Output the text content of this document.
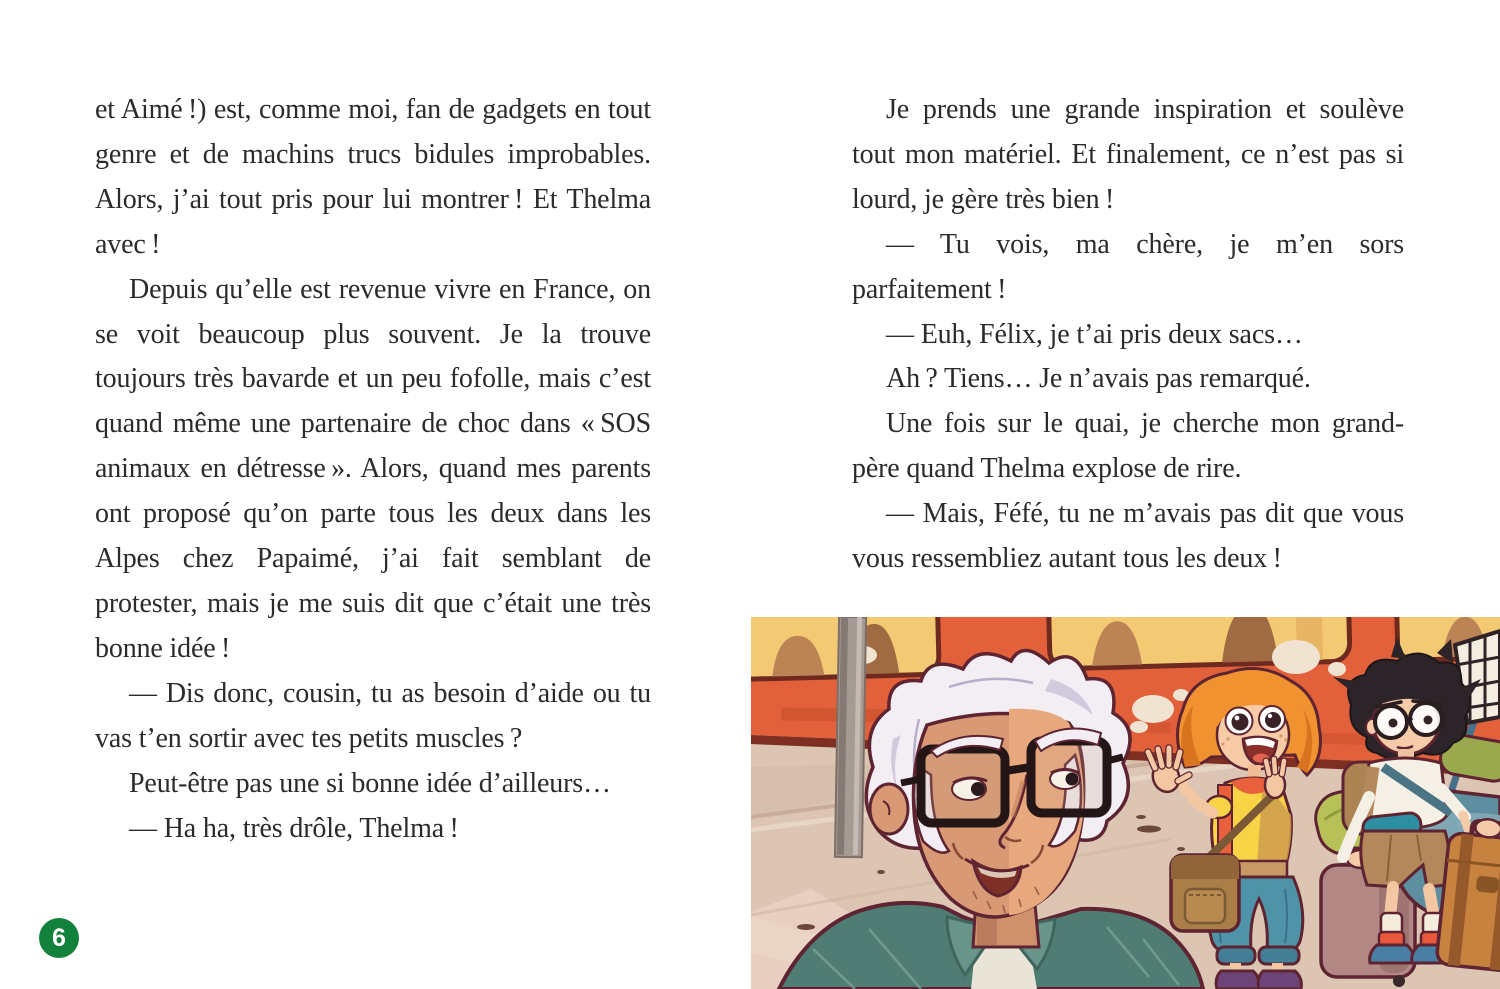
et Aimé !) est, comme moi, fan de gadgets en tout genre et de machins trucs bidules improbables. Alors, j’ai tout pris pour lui montrer ! Et Thelma avec !

Depuis qu’elle est revenue vivre en France, on se voit beaucoup plus souvent. Je la trouve toujours très bavarde et un peu fofolle, mais c’est quand même une partenaire de choc dans « SOS animaux en détresse ». Alors, quand mes parents ont proposé qu’on parte tous les deux dans les Alpes chez Papaimé, j’ai fait semblant de protester, mais je me suis dit que c’était une très bonne idée !

— Dis donc, cousin, tu as besoin d’aide ou tu vas t’en sortir avec tes petits muscles ?

Peut-être pas une si bonne idée d’ailleurs…

— Ha ha, très drôle, Thelma !

Je prends une grande inspiration et soulève tout mon matériel. Et finalement, ce n’est pas si lourd, je gère très bien !

— Tu vois, ma chère, je m’en sors parfaitement !

— Euh, Félix, je t’ai pris deux sacs…

Ah ? Tiens… Je n’avais pas remarqué.

Une fois sur le quai, je cherche mon grand-père quand Thelma explose de rire.

— Mais, Féfé, tu ne m’avais pas dit que vous vous ressembliez autant tous les deux !

6
